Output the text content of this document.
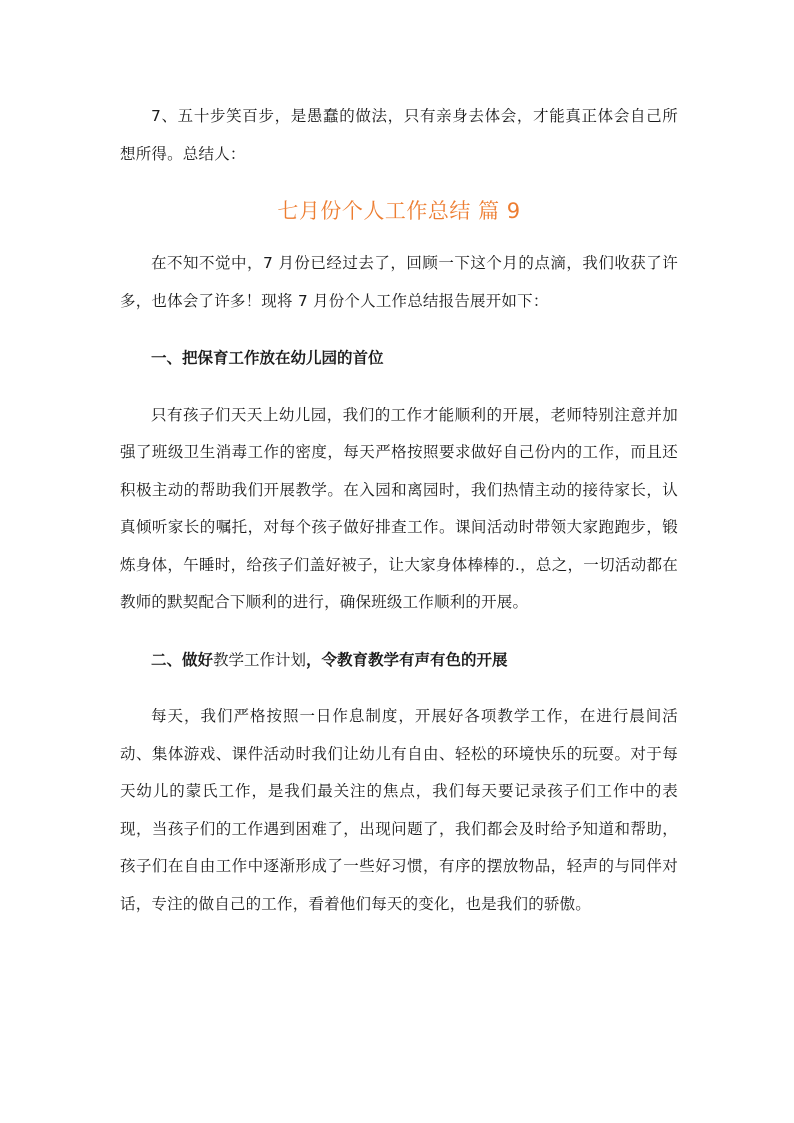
7、五十步笑百步，是愚蠢的做法，只有亲身去体会，才能真正体会自己所想所得。总结人：

七月份个人工作总结 篇 9

在不知不觉中，7 月份已经过去了，回顾一下这个月的点滴，我们收获了许多，也体会了许多！现将 7 月份个人工作总结报告展开如下：

一、把保育工作放在幼儿园的首位

只有孩子们天天上幼儿园，我们的工作才能顺利的开展，老师特别注意并加强了班级卫生消毒工作的密度，每天严格按照要求做好自己份内的工作，而且还积极主动的帮助我们开展教学。在入园和离园时，我们热情主动的接待家长，认真倾听家长的嘱托，对每个孩子做好排查工作。课间活动时带领大家跑跑步，锻炼身体，午睡时，给孩子们盖好被子，让大家身体棒棒的.，总之，一切活动都在教师的默契配合下顺利的进行，确保班级工作顺利的开展。

二、做好教学工作计划，令教育教学有声有色的开展

每天，我们严格按照一日作息制度，开展好各项教学工作，在进行晨间活动、集体游戏、课件活动时我们让幼儿有自由、轻松的环境快乐的玩耍。对于每天幼儿的蒙氏工作，是我们最关注的焦点，我们每天要记录孩子们工作中的表现，当孩子们的工作遇到困难了，出现问题了，我们都会及时给予知道和帮助，孩子们在自由工作中逐渐形成了一些好习惯，有序的摆放物品，轻声的与同伴对话，专注的做自己的工作，看着他们每天的变化，也是我们的骄傲。
